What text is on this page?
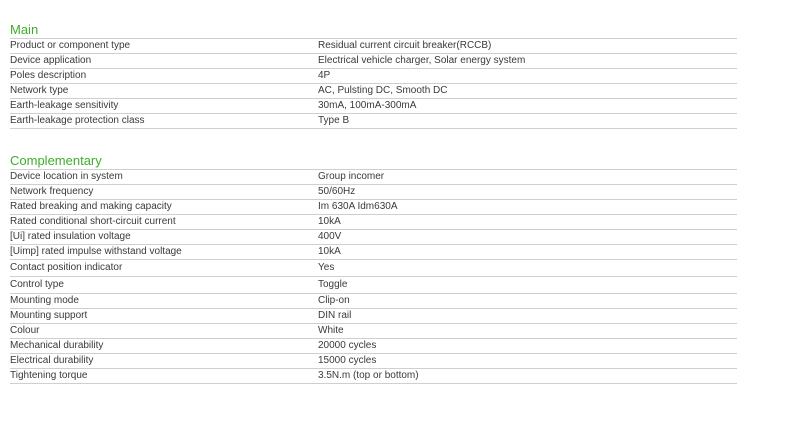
Main
Product or component type	Residual current circuit breaker(RCCB)
Device application	Electrical vehicle charger, Solar energy system
Poles description	4P
Network type	AC, Pulsting DC, Smooth DC
Earth-leakage sensitivity	30mA, 100mA-300mA
Earth-leakage protection class	Type B
Complementary
Device location in system	Group incomer
Network frequency	50/60Hz
Rated breaking and making capacity	Im 630A Idm630A
Rated conditional short-circuit current	10kA
[Ui] rated insulation voltage	400V
[Uimp] rated impulse withstand voltage	10kA
Contact position indicator	Yes
Control type	Toggle
Mounting mode	Clip-on
Mounting support	DIN rail
Colour	White
Mechanical durability	20000 cycles
Electrical durability	15000 cycles
Tightening torque	3.5N.m (top or bottom)
